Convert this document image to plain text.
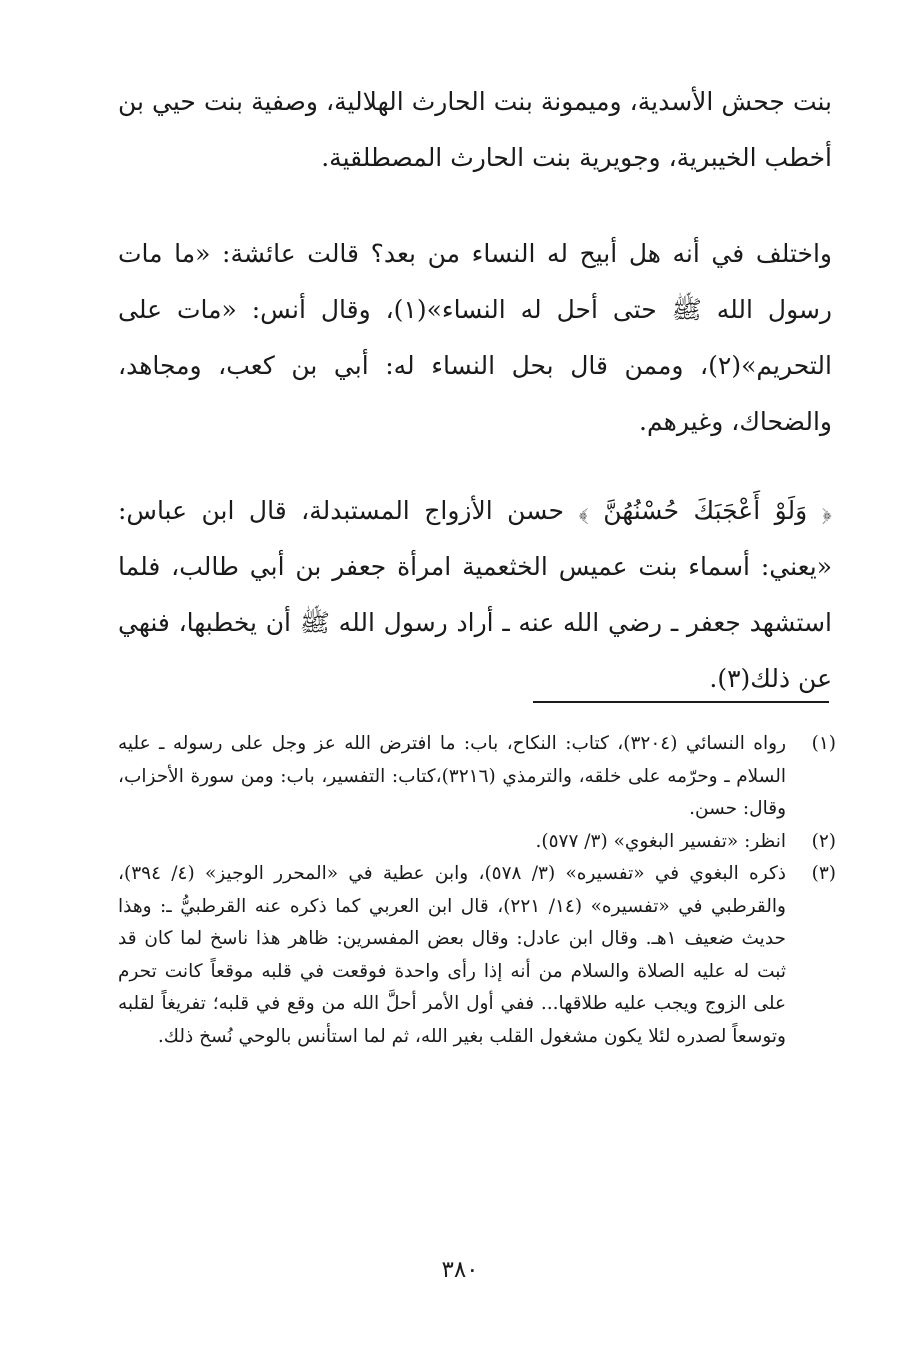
بنت جحش الأسدية، وميمونة بنت الحارث الهلالية، وصفية بنت حيي بن أخطب الخيبرية، وجويرية بنت الحارث المصطلقية.

واختلف في أنه هل أبيح له النساء من بعد؟ قالت عائشة: «ما مات رسول الله ﷺ حتى أحل له النساء»(١)، وقال أنس: «مات على التحريم»(٢)، وممن قال بحل النساء له: أبي بن كعب، ومجاهد، والضحاك، وغيرهم.

﴿ وَلَوْ أَعْجَبَكَ حُسْنُهُنَّ ﴾ حسن الأزواج المستبدلة، قال ابن عباس: «يعني: أسماء بنت عميس الخثعمية امرأة جعفر بن أبي طالب، فلما استشهد جعفر ـ رضي الله عنه ـ أراد رسول الله ﷺ أن يخطبها، فنهي عن ذلك(٣).

(١)
رواه النسائي (٣٢٠٤)، كتاب: النكاح، باب: ما افترض الله عز وجل على رسوله ـ عليه السلام ـ وحرّمه على خلقه، والترمذي (٣٢١٦)،كتاب: التفسير، باب: ومن سورة الأحزاب، وقال: حسن.
(٢)
انظر: «تفسير البغوي» (٣/ ٥٧٧).
(٣)
ذكره البغوي في «تفسيره» (٣/ ٥٧٨)، وابن عطية في «المحرر الوجيز» (٤/ ٣٩٤)، والقرطبي في «تفسيره» (١٤/ ٢٢١)، قال ابن العربي كما ذكره عنه القرطبيُّ ـ: وهذا حديث ضعيف ١هـ. وقال ابن عادل: وقال بعض المفسرين: ظاهر هذا ناسخ لما كان قد ثبت له عليه الصلاة والسلام من أنه إذا رأى واحدة فوقعت في قلبه موقعاً كانت تحرم على الزوج ويجب عليه طلاقها... ففي أول الأمر أحلَّ الله من وقع في قلبه؛ تفريغاً لقلبه وتوسعاً لصدره لئلا يكون مشغول القلب بغير الله، ثم لما استأنس بالوحي نُسخ ذلك.
٣٨٠
